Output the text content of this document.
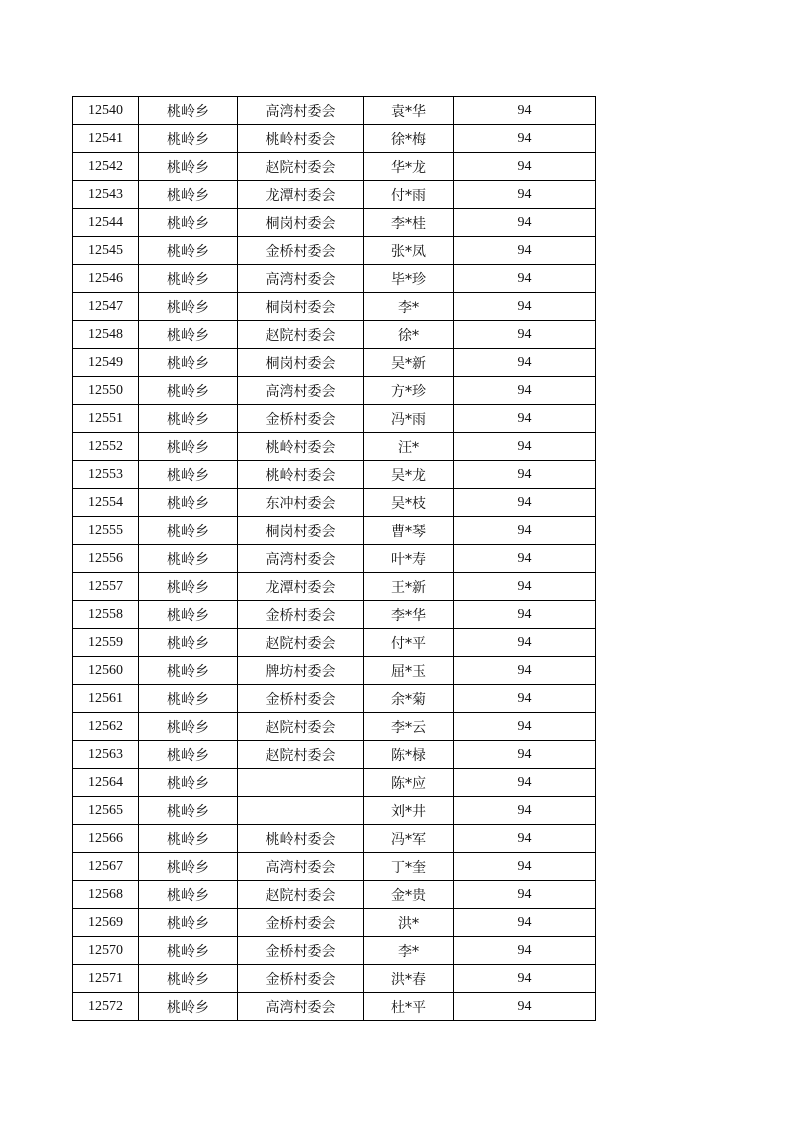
12540	桃岭乡	高湾村委会	袁*华	94
12541	桃岭乡	桃岭村委会	徐*梅	94
12542	桃岭乡	赵院村委会	华*龙	94
12543	桃岭乡	龙潭村委会	付*雨	94
12544	桃岭乡	桐岗村委会	李*桂	94
12545	桃岭乡	金桥村委会	张*凤	94
12546	桃岭乡	高湾村委会	毕*珍	94
12547	桃岭乡	桐岗村委会	李*	94
12548	桃岭乡	赵院村委会	徐*	94
12549	桃岭乡	桐岗村委会	吴*新	94
12550	桃岭乡	高湾村委会	方*珍	94
12551	桃岭乡	金桥村委会	冯*雨	94
12552	桃岭乡	桃岭村委会	汪*	94
12553	桃岭乡	桃岭村委会	吴*龙	94
12554	桃岭乡	东冲村委会	吴*枝	94
12555	桃岭乡	桐岗村委会	曹*琴	94
12556	桃岭乡	高湾村委会	叶*寿	94
12557	桃岭乡	龙潭村委会	王*新	94
12558	桃岭乡	金桥村委会	李*华	94
12559	桃岭乡	赵院村委会	付*平	94
12560	桃岭乡	牌坊村委会	屈*玉	94
12561	桃岭乡	金桥村委会	余*菊	94
12562	桃岭乡	赵院村委会	李*云	94
12563	桃岭乡	赵院村委会	陈*椂	94
12564	桃岭乡		陈*应	94
12565	桃岭乡		刘*井	94
12566	桃岭乡	桃岭村委会	冯*军	94
12567	桃岭乡	高湾村委会	丁*奎	94
12568	桃岭乡	赵院村委会	金*贵	94
12569	桃岭乡	金桥村委会	洪*	94
12570	桃岭乡	金桥村委会	李*	94
12571	桃岭乡	金桥村委会	洪*春	94
12572	桃岭乡	高湾村委会	杜*平	94
